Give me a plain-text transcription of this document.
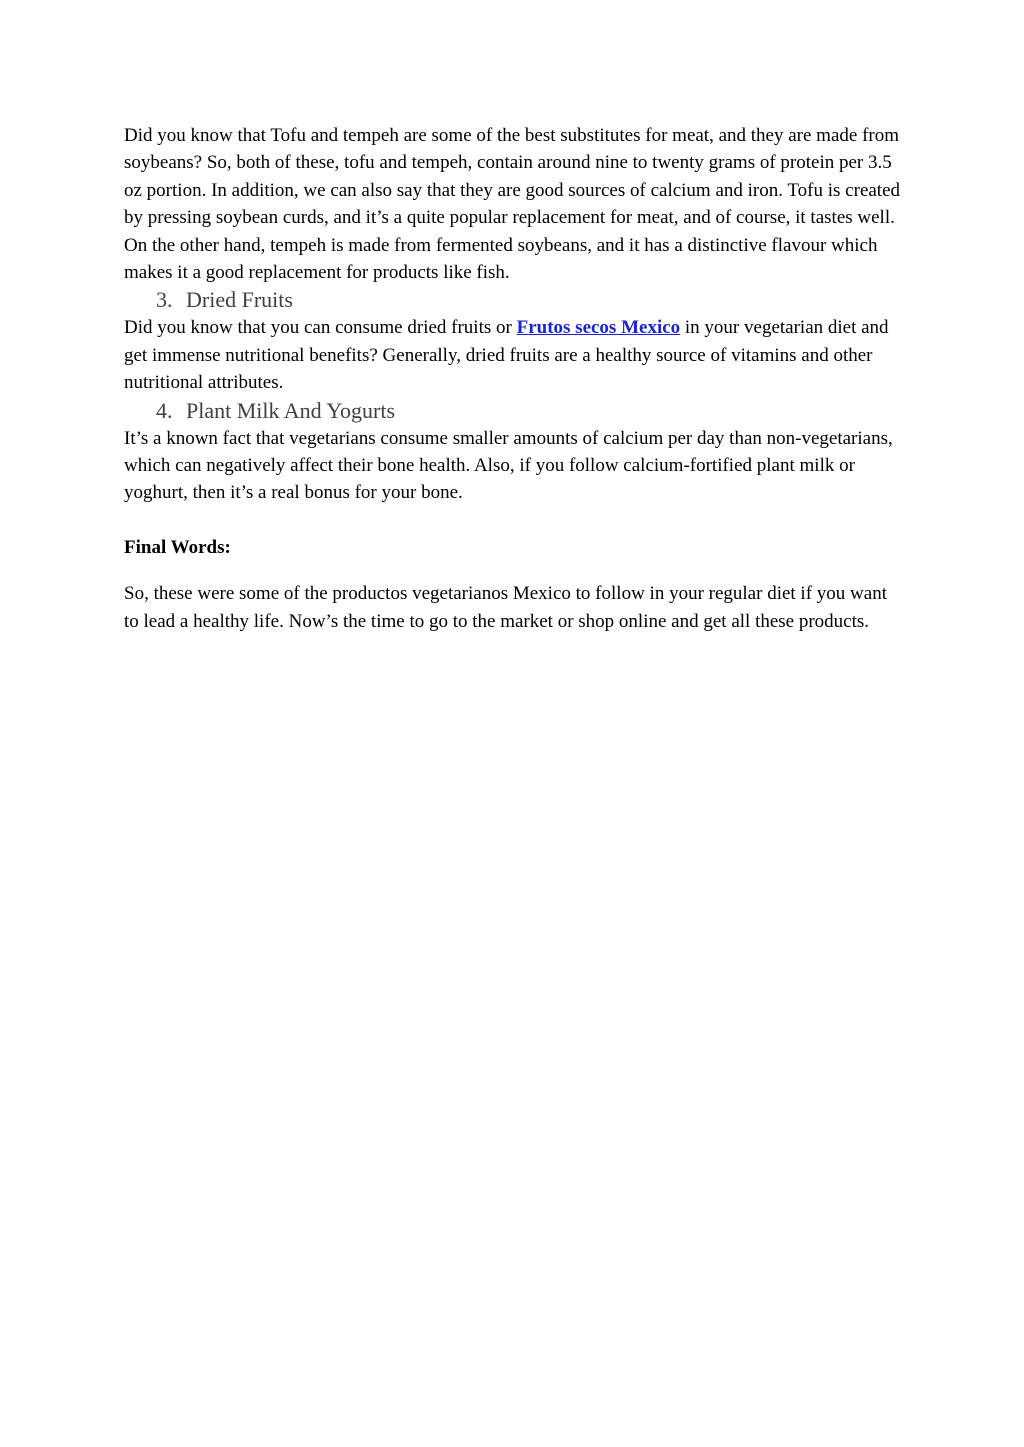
Did you know that Tofu and tempeh are some of the best substitutes for meat, and they are made from soybeans? So, both of these, tofu and tempeh, contain around nine to twenty grams of protein per 3.5 oz portion. In addition, we can also say that they are good sources of calcium and iron. Tofu is created by pressing soybean curds, and it’s a quite popular replacement for meat, and of course, it tastes well. On the other hand, tempeh is made from fermented soybeans, and it has a distinctive flavour which makes it a good replacement for products like fish.

3. Dried Fruits

Did you know that you can consume dried fruits or Frutos secos Mexico in your vegetarian diet and get immense nutritional benefits? Generally, dried fruits are a healthy source of vitamins and other nutritional attributes.

4. Plant Milk And Yogurts

It’s a known fact that vegetarians consume smaller amounts of calcium per day than non-vegetarians, which can negatively affect their bone health. Also, if you follow calcium-fortified plant milk or yoghurt, then it’s a real bonus for your bone.

Final Words:

So, these were some of the productos vegetarianos Mexico to follow in your regular diet if you want to lead a healthy life. Now’s the time to go to the market or shop online and get all these products.
